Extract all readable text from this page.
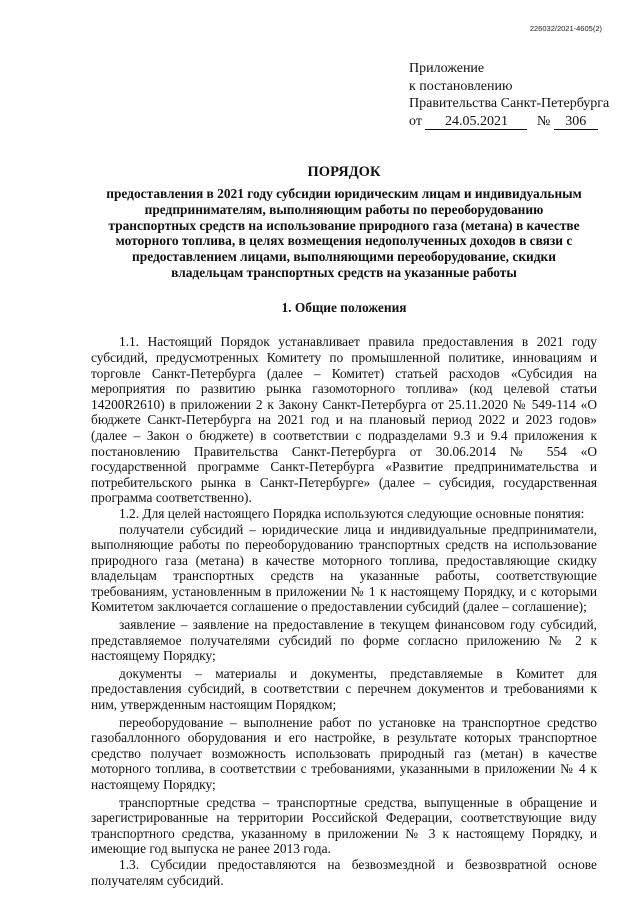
226032/2021-4605(2)
Приложение
к постановлению
Правительства Санкт-Петербурга
от 24.05.2021 № 306
ПОРЯДОК
предоставления в 2021 году субсидии юридическим лицам и индивидуальным предпринимателям, выполняющим работы по переоборудованию транспортных средств на использование природного газа (метана) в качестве моторного топлива, в целях возмещения недополученных доходов в связи с предоставлением лицами, выполняющими переоборудование, скидки владельцам транспортных средств на указанные работы
1. Общие положения

1.1. Настоящий Порядок устанавливает правила предоставления в 2021 году субсидий, предусмотренных Комитету по промышленной политике, инновациям и торговле Санкт-Петербурга (далее – Комитет) статьей расходов «Субсидия на мероприятия по развитию рынка газомоторного топлива» (код целевой статьи 14200R2610) в приложении 2 к Закону Санкт-Петербурга от 25.11.2020 № 549-114 «О бюджете Санкт-Петербурга на 2021 год и на плановый период 2022 и 2023 годов» (далее – Закон о бюджете) в соответствии с подразделами 9.3 и 9.4 приложения к постановлению Правительства Санкт-Петербурга от 30.06.2014 № 554 «О государственной программе Санкт-Петербурга «Развитие предпринимательства и потребительского рынка в Санкт-Петербурге» (далее – субсидия, государственная программа соответственно).

1.2. Для целей настоящего Порядка используются следующие основные понятия:

получатели субсидий – юридические лица и индивидуальные предприниматели, выполняющие работы по переоборудованию транспортных средств на использование природного газа (метана) в качестве моторного топлива, предоставляющие скидку владельцам транспортных средств на указанные работы, соответствующие требованиям, установленным в приложении № 1 к настоящему Порядку, и с которыми Комитетом заключается соглашение о предоставлении субсидий (далее – соглашение);

заявление – заявление на предоставление в текущем финансовом году субсидий, представляемое получателями субсидий по форме согласно приложению № 2 к настоящему Порядку;

документы – материалы и документы, представляемые в Комитет для предоставления субсидий, в соответствии с перечнем документов и требованиями к ним, утвержденным настоящим Порядком;

переоборудование – выполнение работ по установке на транспортное средство газобаллонного оборудования и его настройке, в результате которых транспортное средство получает возможность использовать природный газ (метан) в качестве моторного топлива, в соответствии с требованиями, указанными в приложении № 4 к настоящему Порядку;

транспортные средства – транспортные средства, выпущенные в обращение и зарегистрированные на территории Российской Федерации, соответствующие виду транспортного средства, указанному в приложении № 3 к настоящему Порядку, и имеющие год выпуска не ранее 2013 года.

1.3. Субсидии предоставляются на безвозмездной и безвозвратной основе получателям субсидий.
